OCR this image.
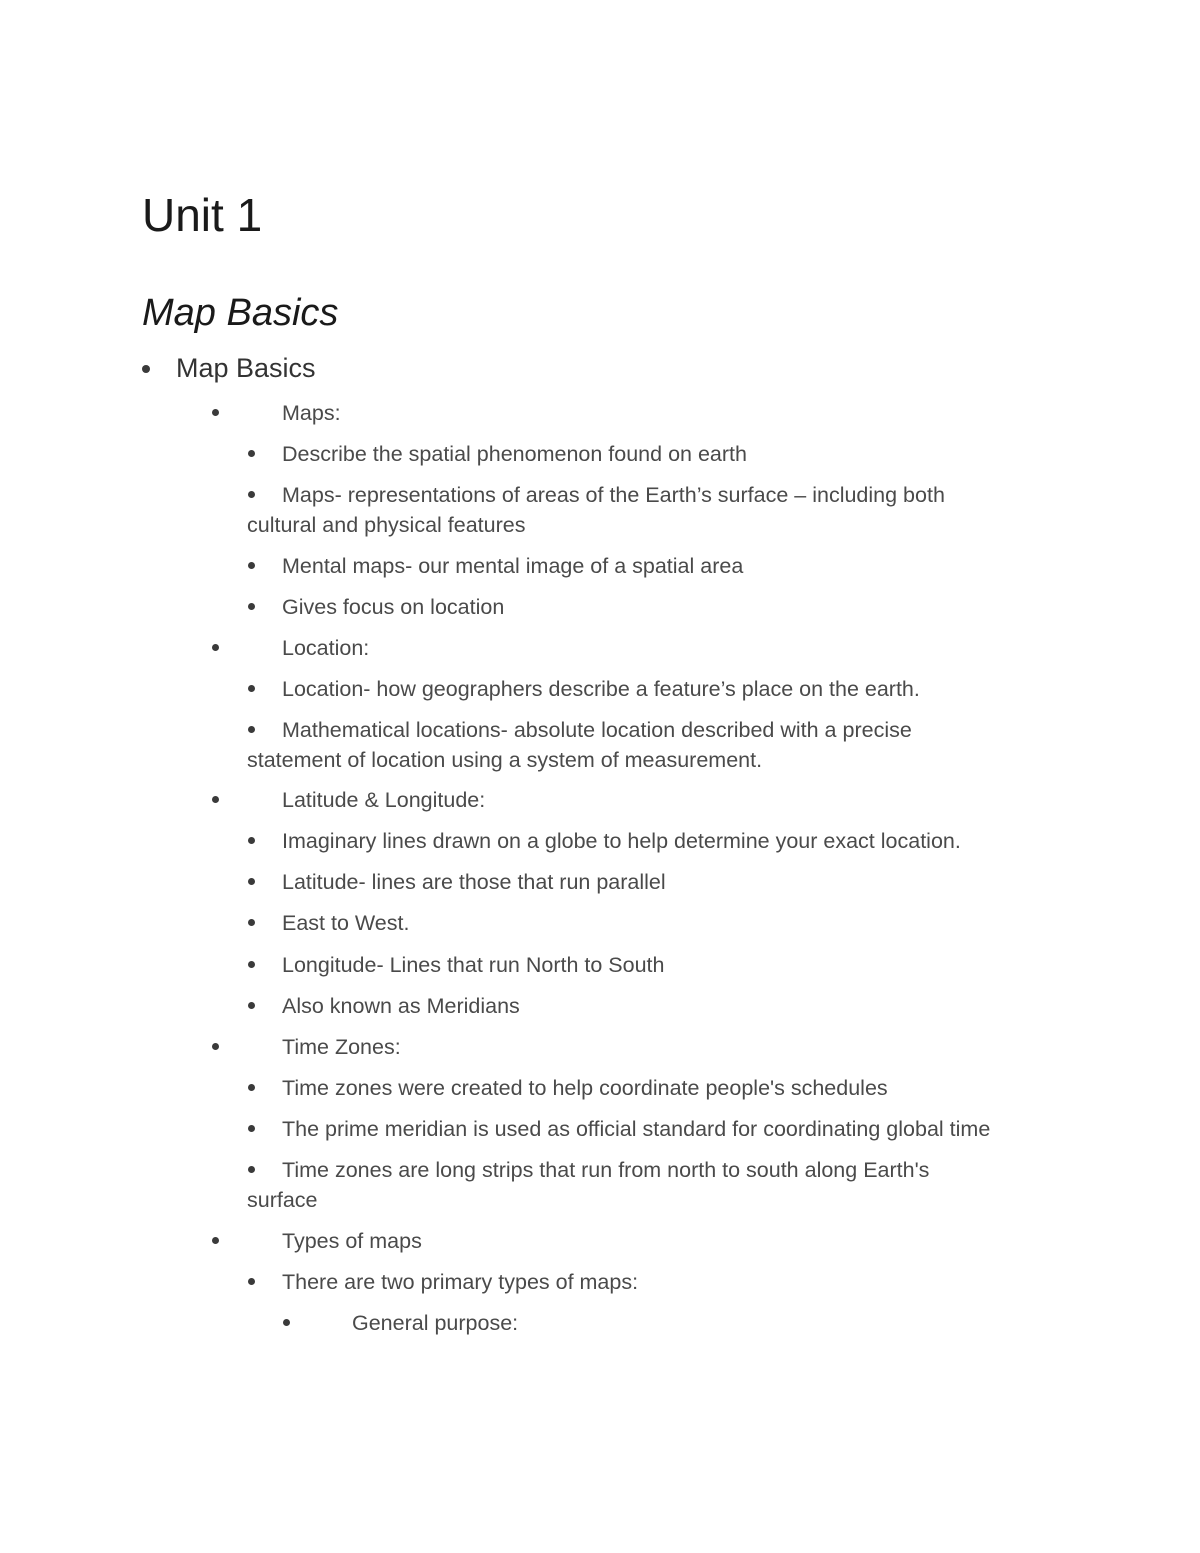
Unit 1
Map Basics
Map Basics
Maps:
Describe the spatial phenomenon found on earth
Maps- representations of areas of the Earth’s surface – including both
cultural and physical features
Mental maps- our mental image of a spatial area
Gives focus on location
Location:
Location- how geographers describe a feature’s place on the earth.
Mathematical locations- absolute location described with a precise
statement of location using a system of measurement.
Latitude & Longitude:
Imaginary lines drawn on a globe to help determine your exact location.
Latitude- lines are those that run parallel
East to West.
Longitude- Lines that run North to South
Also known as Meridians
Time Zones:
Time zones were created to help coordinate people's schedules
The prime meridian is used as official standard for coordinating global time
Time zones are long strips that run from north to south along Earth's
surface
Types of maps
There are two primary types of maps:
General purpose:
